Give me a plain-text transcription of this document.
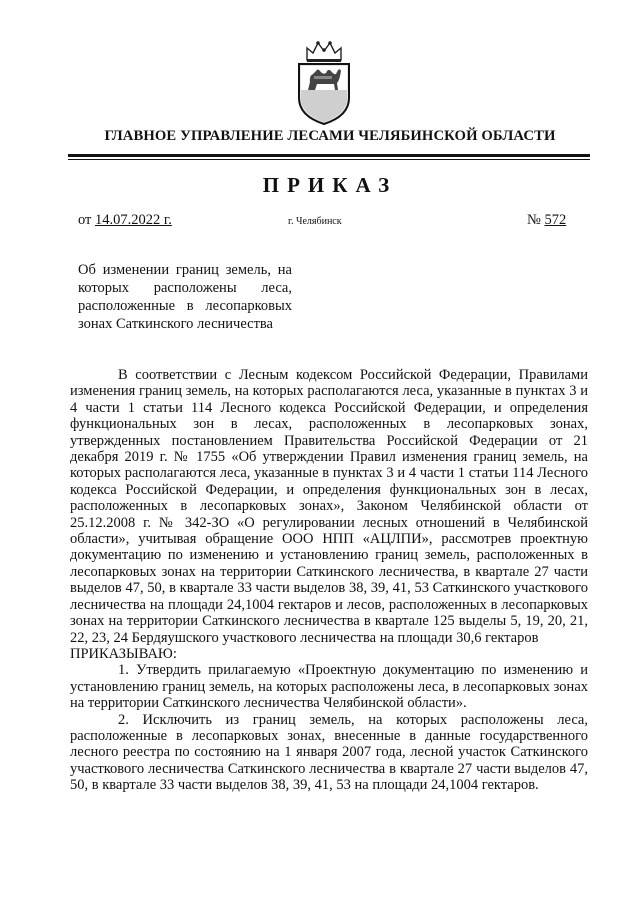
ГЛАВНОЕ УПРАВЛЕНИЕ ЛЕСАМИ ЧЕЛЯБИНСКОЙ ОБЛАСТИ
ПРИКАЗ
от 14.07.2022 г.	г. Челябинск	№ 572
Об изменении границ земель, на которых расположены леса, расположенные в лесопарковых зонах Саткинского лесничества

В соответствии с Лесным кодексом Российской Федерации, Правилами изменения границ земель, на которых располагаются леса, указанные в пунктах 3 и 4 части 1 статьи 114 Лесного кодекса Российской Федерации, и определения функциональных зон в лесах, расположенных в лесопарковых зонах, утвержденных постановлением Правительства Российской Федерации от 21 декабря 2019 г. № 1755 «Об утверждении Правил изменения границ земель, на которых располагаются леса, указанные в пунктах 3 и 4 части 1 статьи 114 Лесного кодекса Российской Федерации, и определения функциональных зон в лесах, расположенных в лесопарковых зонах», Законом Челябинской области от 25.12.2008 г. № 342-ЗО «О регулировании лесных отношений в Челябинской области», учитывая обращение ООО НПП «АЦЛПИ», рассмотрев проектную документацию по изменению и установлению границ земель, расположенных в лесопарковых зонах на территории Саткинского лесничества, в квартале 27 части выделов 47, 50, в квартале 33 части выделов 38, 39, 41, 53 Саткинского участкового лесничества на площади 24,1004 гектаров и лесов, расположенных в лесопарковых зонах на территории Саткинского лесничества в квартале 125 выделы 5, 19, 20, 21, 22, 23, 24 Бердяушского участкового лесничества на площади 30,6 гектаров

ПРИКАЗЫВАЮ:

1. Утвердить прилагаемую «Проектную документацию по изменению и установлению границ земель, на которых расположены леса, в лесопарковых зонах на территории Саткинского лесничества Челябинской области».

2. Исключить из границ земель, на которых расположены леса, расположенные в лесопарковых зонах, внесенные в данные государственного лесного реестра по состоянию на 1 января 2007 года, лесной участок Саткинского участкового лесничества Саткинского лесничества в квартале 27 части выделов 47, 50, в квартале 33 части выделов 38, 39, 41, 53 на площади 24,1004 гектаров.
